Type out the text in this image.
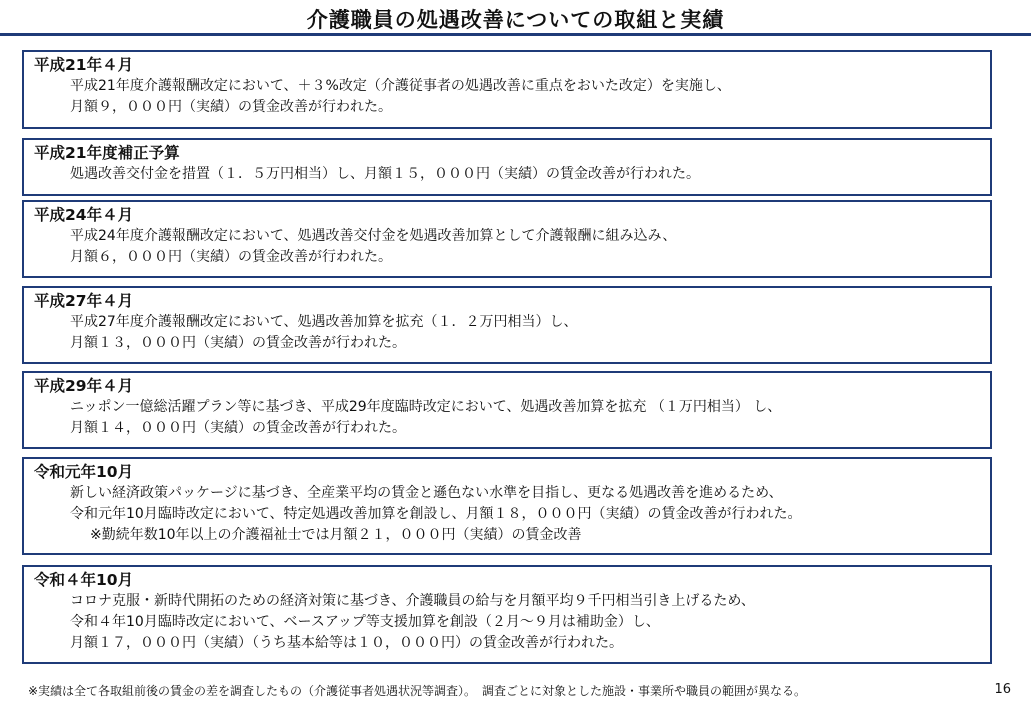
介護職員の処遇改善についての取組と実績
平成21年４月
平成21年度介護報酬改定において、＋３%改定（介護従事者の処遇改善に重点をおいた改定）を実施し、
月額９，０００円（実績）の賃金改善が行われた。
平成21年度補正予算
処遇改善交付金を措置（１．５万円相当）し、月額１５，０００円（実績）の賃金改善が行われた。
平成24年４月
平成24年度介護報酬改定において、処遇改善交付金を処遇改善加算として介護報酬に組み込み、
月額６，０００円（実績）の賃金改善が行われた。
平成27年４月
平成27年度介護報酬改定において、処遇改善加算を拡充（１．２万円相当）し、
月額１３，０００円（実績）の賃金改善が行われた。
平成29年４月
ニッポン一億総活躍プラン等に基づき、平成29年度臨時改定において、処遇改善加算を拡充 （１万円相当） し、
月額１４，０００円（実績）の賃金改善が行われた。
令和元年10月
新しい経済政策パッケージに基づき、全産業平均の賃金と遜色ない水準を目指し、更なる処遇改善を進めるため、
令和元年10月臨時改定において、特定処遇改善加算を創設し、月額１８，０００円（実績）の賃金改善が行われた。
※勤続年数10年以上の介護福祉士では月額２１，０００円（実績）の賃金改善
令和４年10月
コロナ克服・新時代開拓のための経済対策に基づき、介護職員の給与を月額平均９千円相当引き上げるため、
令和４年10月臨時改定において、ベースアップ等支援加算を創設（２月～９月は補助金）し、
月額１７，０００円（実績）（うち基本給等は１０，０００円）の賃金改善が行われた。
※実績は全て各取組前後の賃金の差を調査したもの（介護従事者処遇状況等調査）。　調査ごとに対象とした施設・事業所や職員の範囲が異なる。	16
